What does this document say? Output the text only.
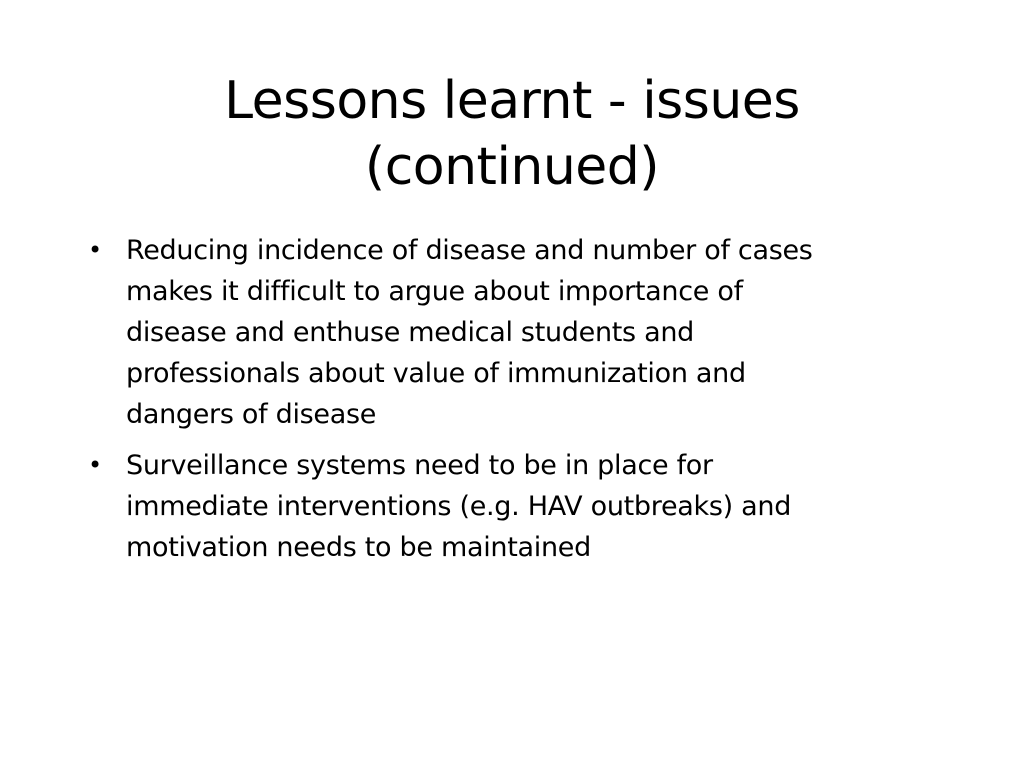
Lessons learnt - issues
(continued)
• Reducing incidence of disease and number of cases
makes it difficult to argue about importance of
disease and enthuse medical students and
professionals about value of immunization and
dangers of disease
• Surveillance systems need to be in place for
immediate interventions (e.g. HAV outbreaks) and
motivation needs to be maintained
